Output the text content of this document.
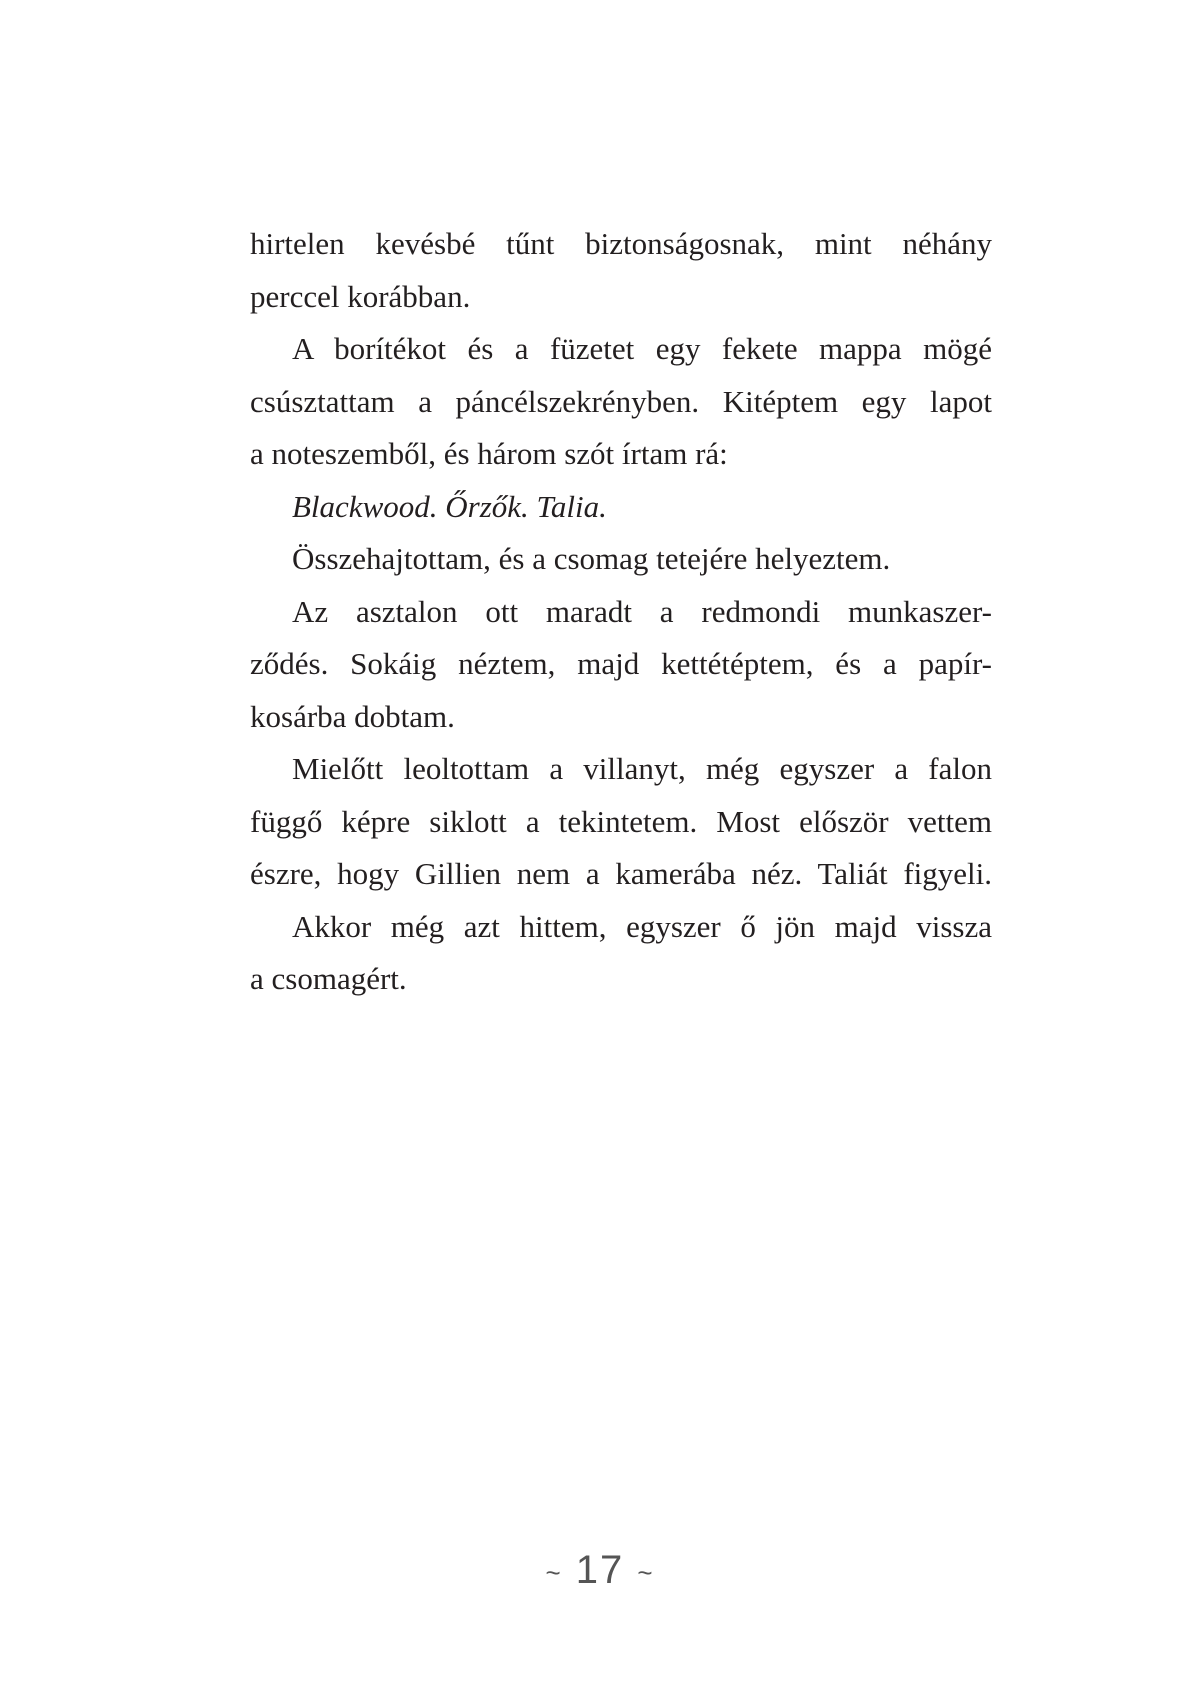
hirtelen kevésbé tűnt biztonságosnak, mint néhány
perccel korábban.
A borítékot és a füzetet egy fekete mappa mögé
csúsztattam a páncélszekrényben. Kitéptem egy lapot
a noteszemből, és három szót írtam rá:
Blackwood. Őrzők. Talia.
Összehajtottam, és a csomag tetejére helyeztem.
Az asztalon ott maradt a redmondi munkaszer-
ződés. Sokáig néztem, majd kettétéptem, és a papír-
kosárba dobtam.
Mielőtt leoltottam a villanyt, még egyszer a falon
függő képre siklott a tekintetem. Most először vettem
észre, hogy Gillien nem a kamerába néz. Taliát figyeli.
Akkor még azt hittem, egyszer ő jön majd vissza
a csomagért.
~ 17 ~
